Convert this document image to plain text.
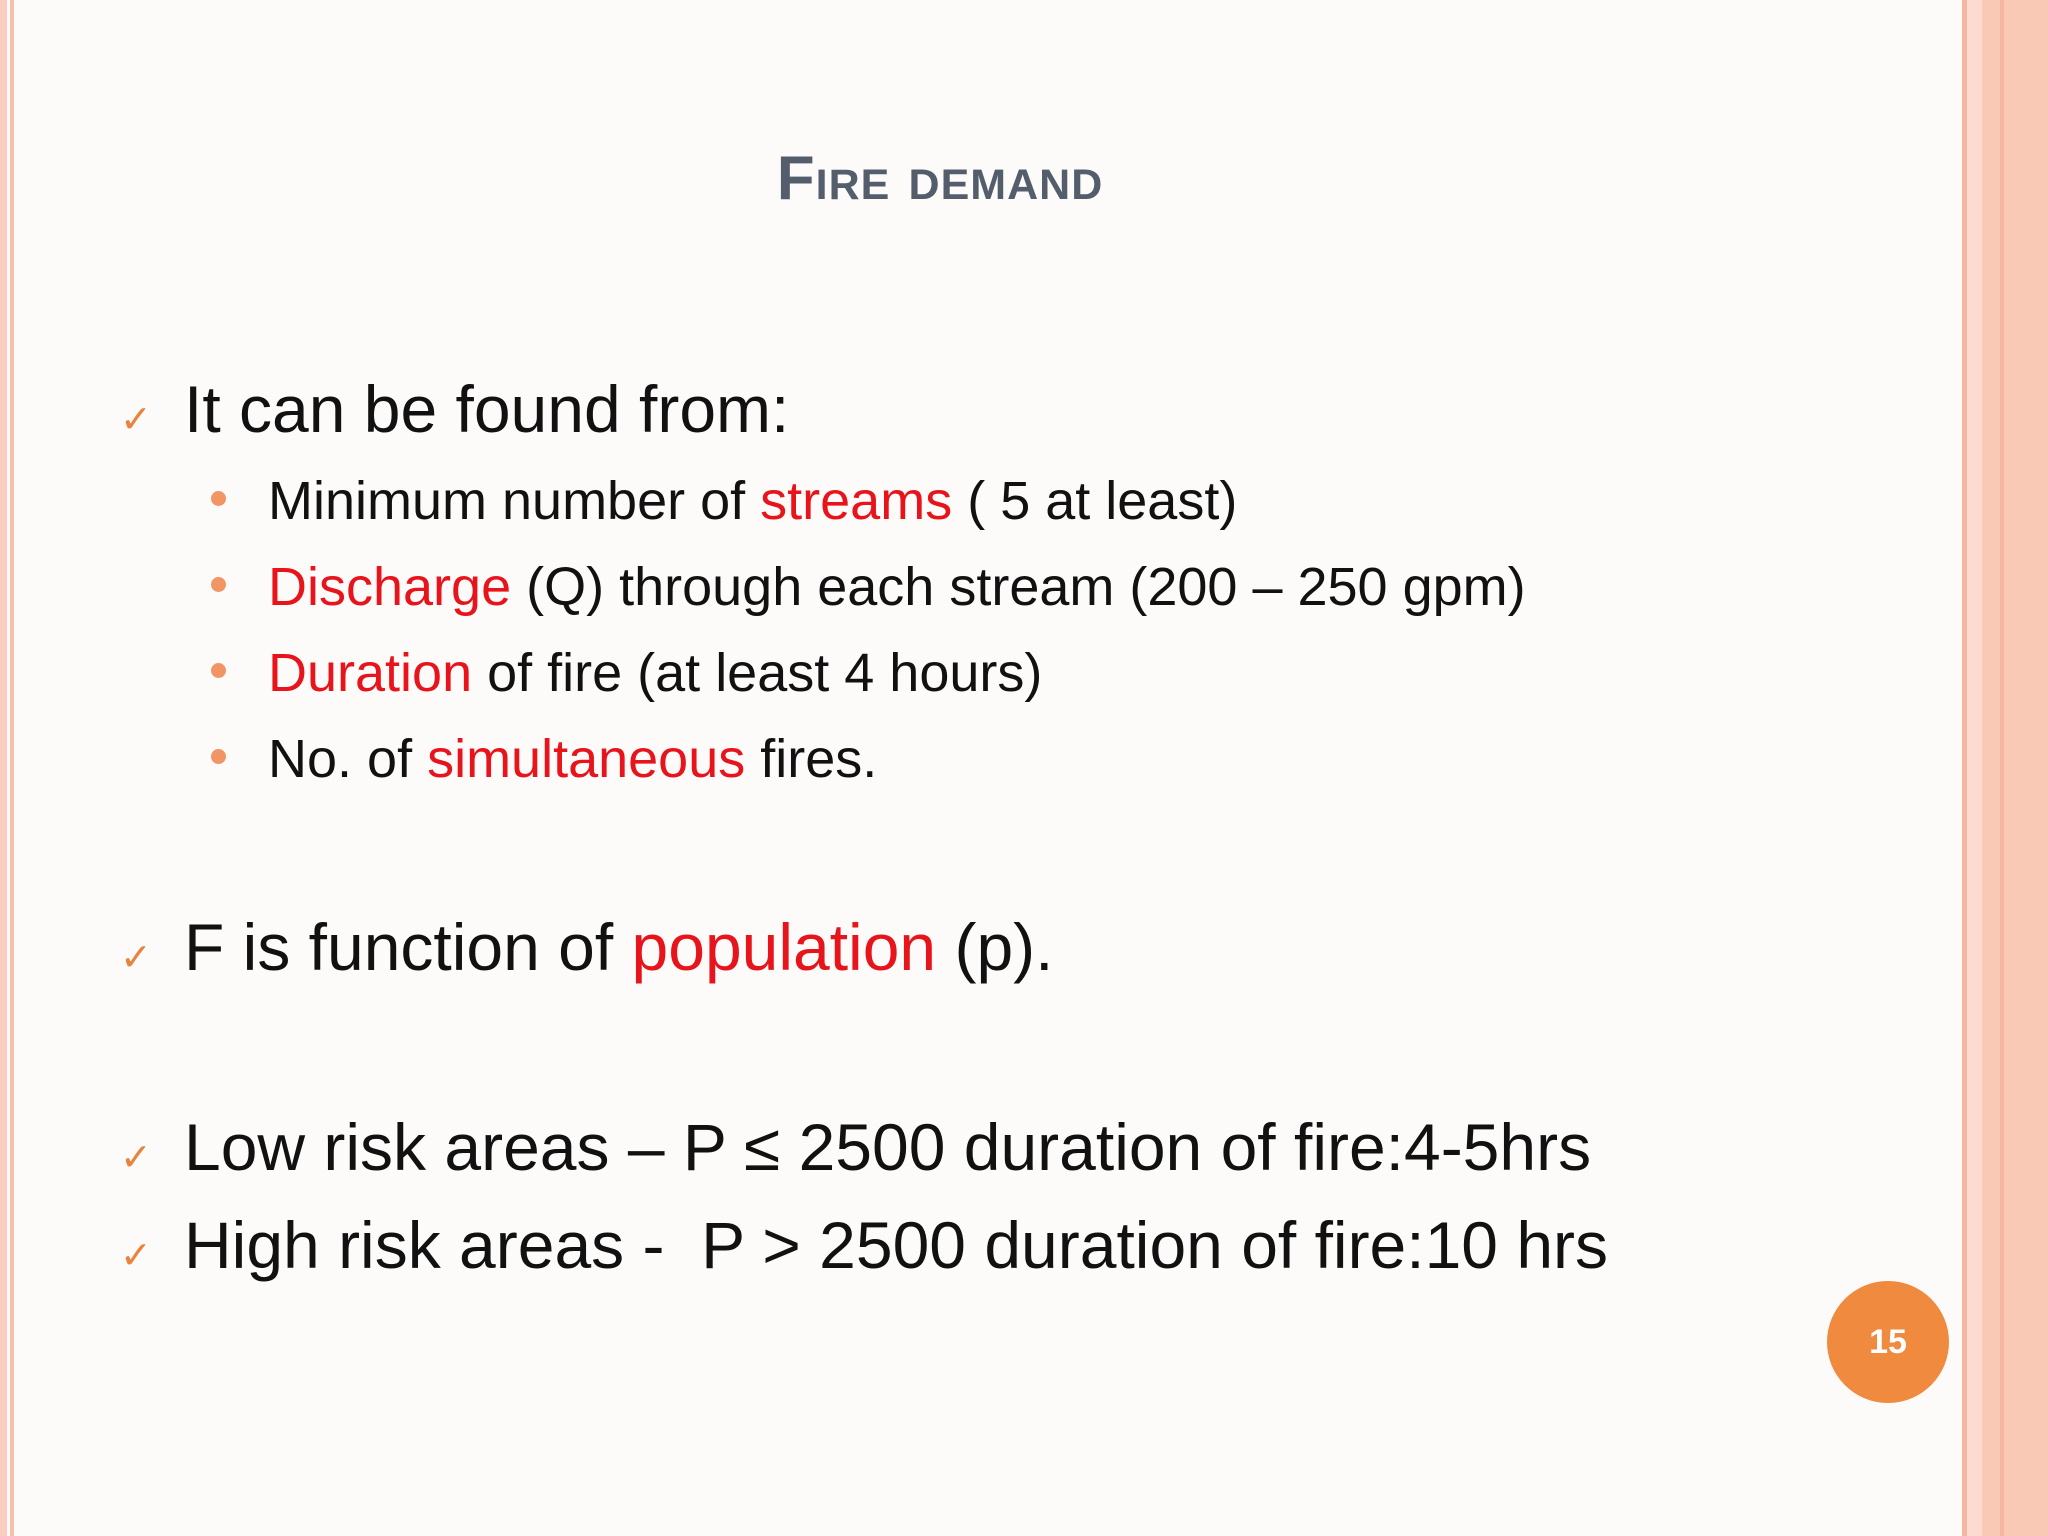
Fire demand
✓ It can be found from:
Minimum number of streams ( 5 at least)
Discharge (Q) through each stream (200 – 250 gpm)
Duration of fire (at least 4 hours)
No. of simultaneous fires.
✓ F is function of population (p).
✓ Low risk areas – P ≤ 2500 duration of fire:4-5hrs
✓ High risk areas -  P > 2500 duration of fire:10 hrs
15
